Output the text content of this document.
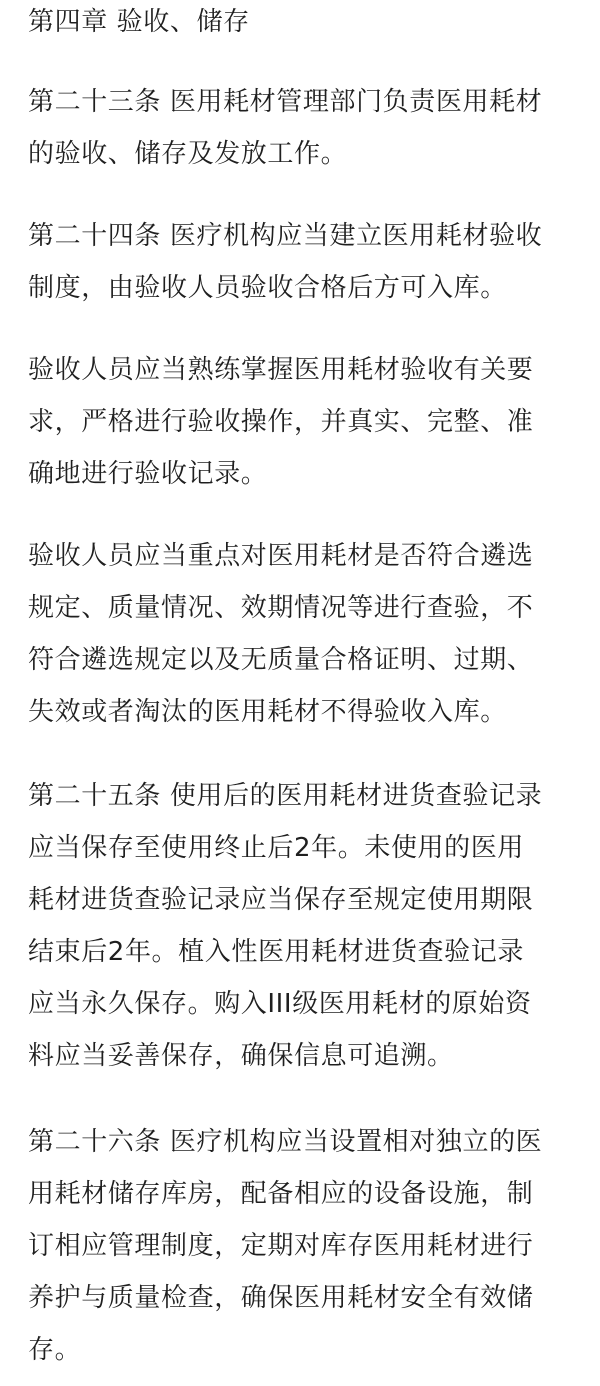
第四章 验收、储存

第二十三条 医用耗材管理部门负责医用耗材
的验收、储存及发放工作。

第二十四条 医疗机构应当建立医用耗材验收
制度，由验收人员验收合格后方可入库。

验收人员应当熟练掌握医用耗材验收有关要
求，严格进行验收操作，并真实、完整、准
确地进行验收记录。

验收人员应当重点对医用耗材是否符合遴选
规定、质量情况、效期情况等进行查验，不
符合遴选规定以及无质量合格证明、过期、
失效或者淘汰的医用耗材不得验收入库。

第二十五条 使用后的医用耗材进货查验记录
应当保存至使用终止后2年。未使用的医用
耗材进货查验记录应当保存至规定使用期限
结束后2年。植入性医用耗材进货查验记录
应当永久保存。购入III级医用耗材的原始资
料应当妥善保存，确保信息可追溯。

第二十六条 医疗机构应当设置相对独立的医
用耗材储存库房，配备相应的设备设施，制
订相应管理制度，定期对库存医用耗材进行
养护与质量检查，确保医用耗材安全有效储
存。
